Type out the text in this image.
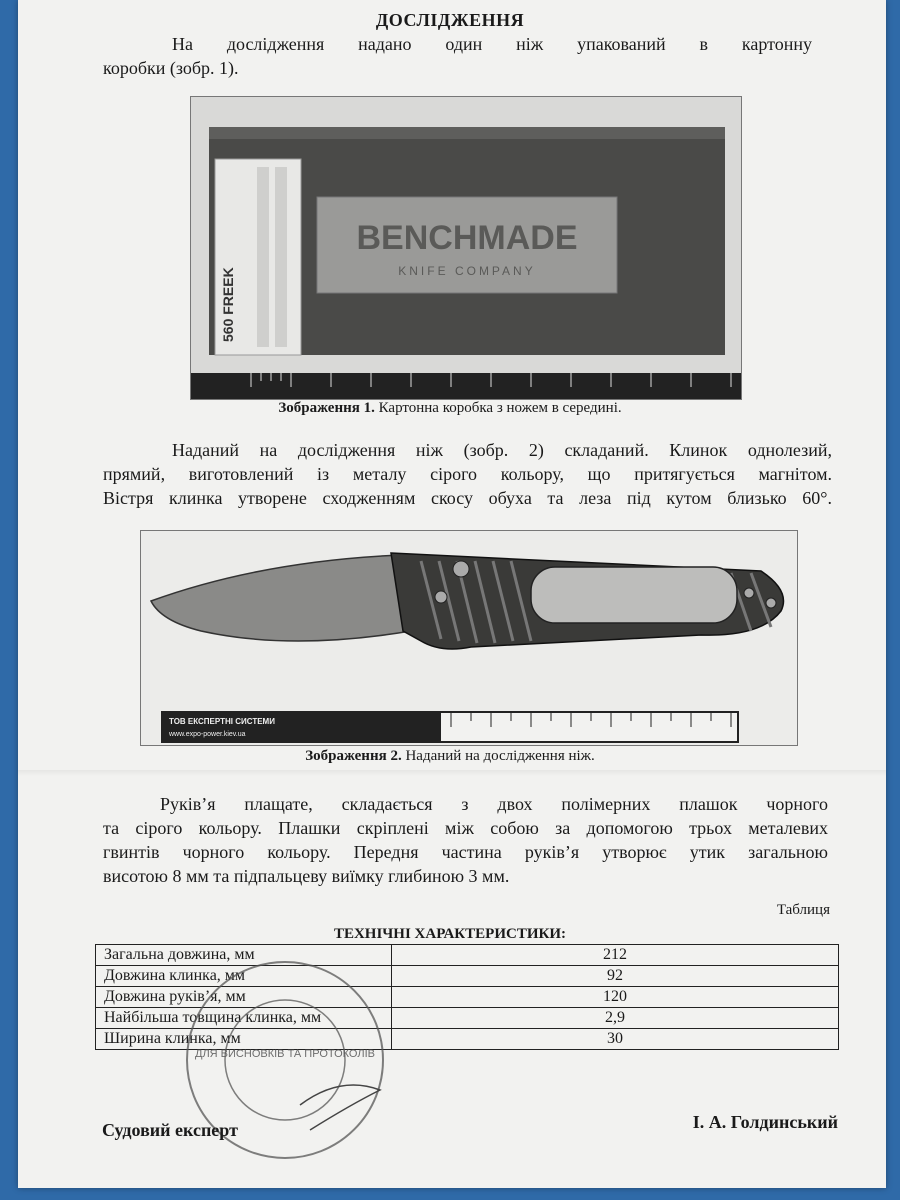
ДОСЛІДЖЕННЯ
На дослідження надано один ніж упакований в картонну
коробки (зобр. 1).
BENCHMADE
KNIFE COMPANY
560 FREEK
Зображення 1. Картонна коробка з ножем в середині.
Наданий на дослідження ніж (зобр. 2) складаний. Клинок однолезий,
прямий, виготовлений із металу сірого кольору, що притягується магнітом.
Вістря клинка утворене сходженням скосу обуха та леза під кутом близько 60°.
ТОВ ЕКСПЕРТНІ СИСТЕМИ
www.expo-power.kiev.ua
Зображення 2. Наданий на дослідження ніж.
Руків’я плащате, складається з двох полімерних плашок чорного
та сірого кольору. Плашки скріплені між собою за допомогою трьох металевих
гвинтів чорного кольору. Передня частина руків’я утворює утик загальною
висотою 8 мм та підпальцеву виїмку глибиною 3 мм.
Таблиця
ТЕХНІЧНІ ХАРАКТЕРИСТИКИ:
Загальна довжина, мм	212
Довжина клинка, мм	92
Довжина руків’я, мм	120
Найбільша товщина клинка, мм	2,9
Ширина клинка, мм	30
ДЛЯ ВИСНОВКІВ ТА ПРОТОКОЛІВ
Судовий експерт	І. А. Голдинський
